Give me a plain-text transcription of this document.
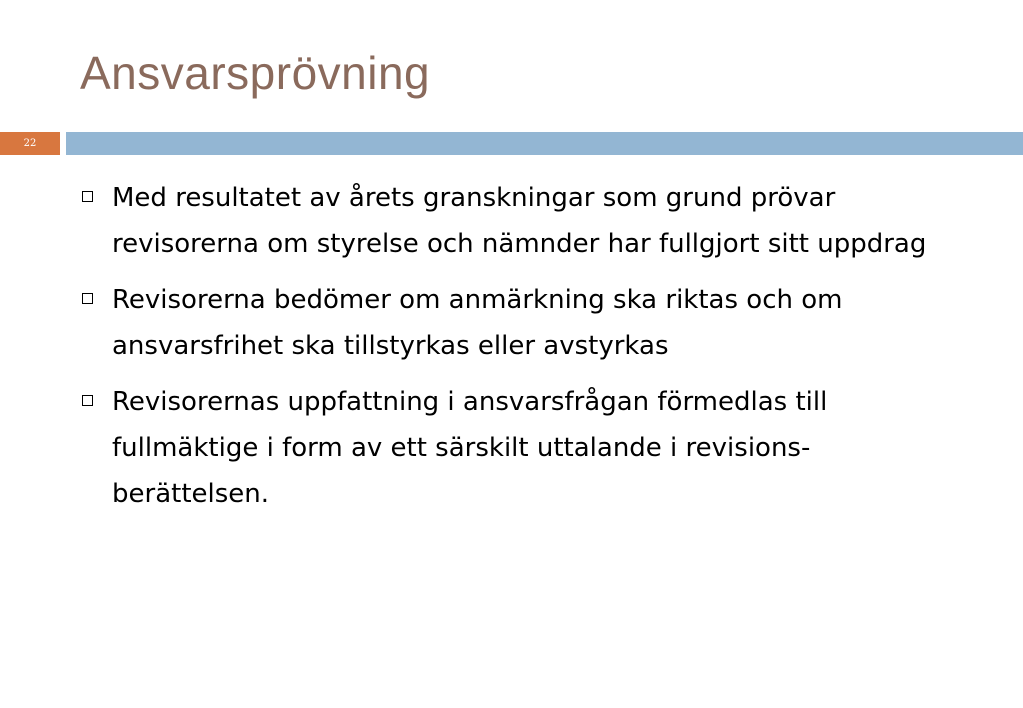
Ansvarsprövning
22
Med resultatet av årets granskningar som grund prövar revisorerna om styrelse och nämnder har fullgjort sitt uppdrag
Revisorerna bedömer om anmärkning ska riktas och om ansvarsfrihet ska tillstyrkas eller avstyrkas
Revisorernas uppfattning i ansvarsfrågan förmedlas till fullmäktige i form av ett särskilt uttalande i revisions-berättelsen.
